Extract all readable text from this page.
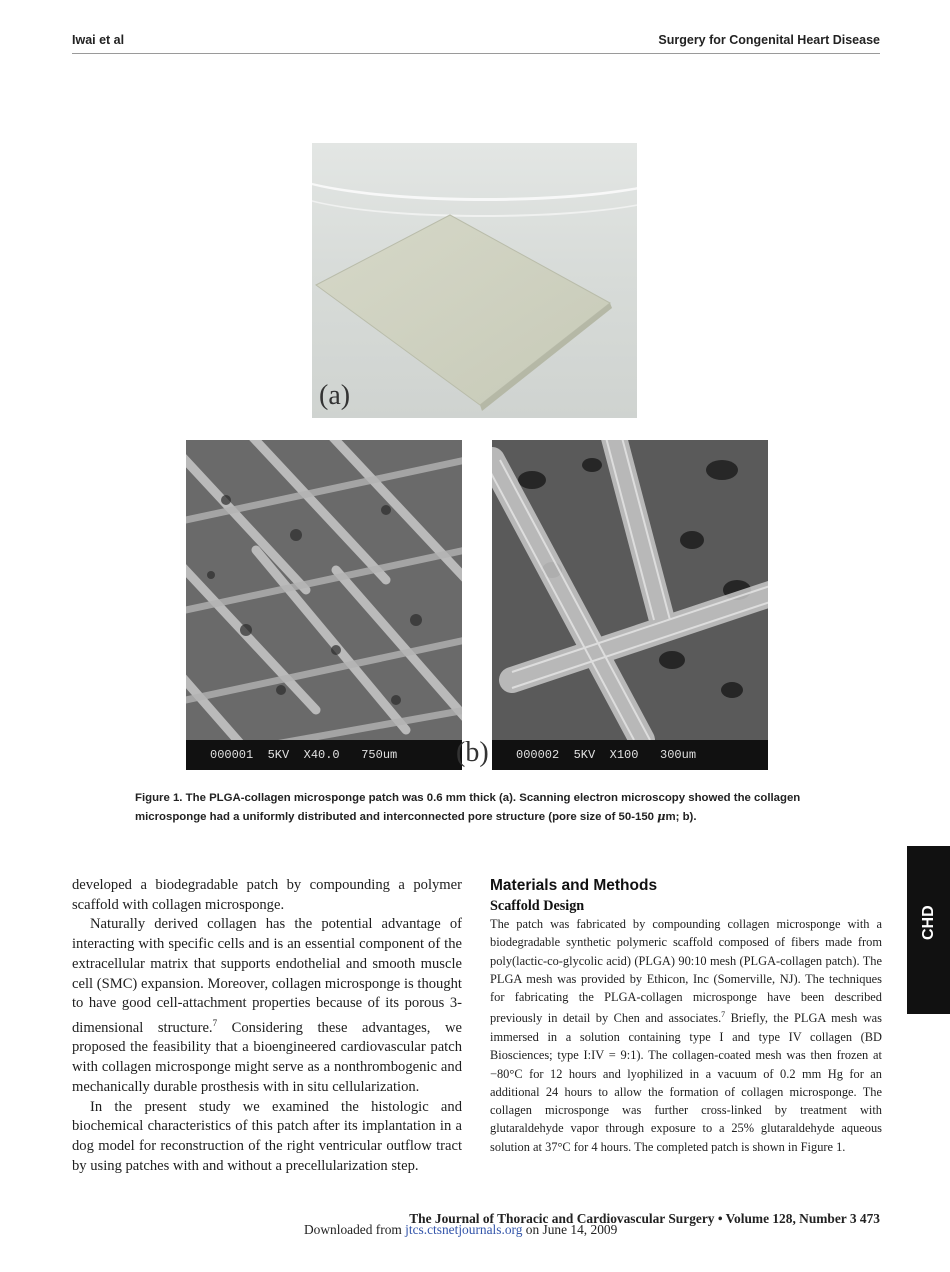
Iwai et al	Surgery for Congenital Heart Disease
(a)
000001  5KV  X40.0   750um	000002  5KV  X100   300um
(b)
Figure 1. The PLGA-collagen microsponge patch was 0.6 mm thick (a). Scanning electron microscopy showed the collagen microsponge had a uniformly distributed and interconnected pore structure (pore size of 50-150 μm; b).

developed a biodegradable patch by compounding a polymer scaffold with collagen microsponge.

Naturally derived collagen has the potential advantage of interacting with specific cells and is an essential component of the extracellular matrix that supports endothelial and smooth muscle cell (SMC) expansion. Moreover, collagen microsponge is thought to have good cell-attachment properties because of its porous 3-dimensional structure.$^7$ Considering these advantages, we proposed the feasibility that a bioengineered cardiovascular patch with collagen microsponge might serve as a nonthrombogenic and mechanically durable prosthesis with in situ cellularization.

In the present study we examined the histologic and biochemical characteristics of this patch after its implantation in a dog model for reconstruction of the right ventricular outflow tract by using patches with and without a precellularization step.

Materials and Methods
Scaffold Design

The patch was fabricated by compounding collagen microsponge with a biodegradable synthetic polymeric scaffold composed of fibers made from poly(lactic-co-glycolic acid) (PLGA) 90:10 mesh (PLGA-collagen patch). The PLGA mesh was provided by Ethicon, Inc (Somerville, NJ). The techniques for fabricating the PLGA-collagen microsponge have been described previously in detail by Chen and associates.$^7$ Briefly, the PLGA mesh was immersed in a solution containing type I and type IV collagen (BD Biosciences; type I:IV = 9:1). The collagen-coated mesh was then frozen at −80°C for 12 hours and lyophilized in a vacuum of 0.2 mm Hg for an additional 24 hours to allow the formation of collagen microsponge. The collagen microsponge was further cross-linked by treatment with glutaraldehyde vapor through exposure to a 25% glutaraldehyde aqueous solution at 37°C for 4 hours. The completed patch is shown in Figure 1.

CHD
The Journal of Thoracic and Cardiovascular Surgery • Volume 128, Number 3 473
Downloaded from jtcs.ctsnetjournals.org on June 14, 2009
